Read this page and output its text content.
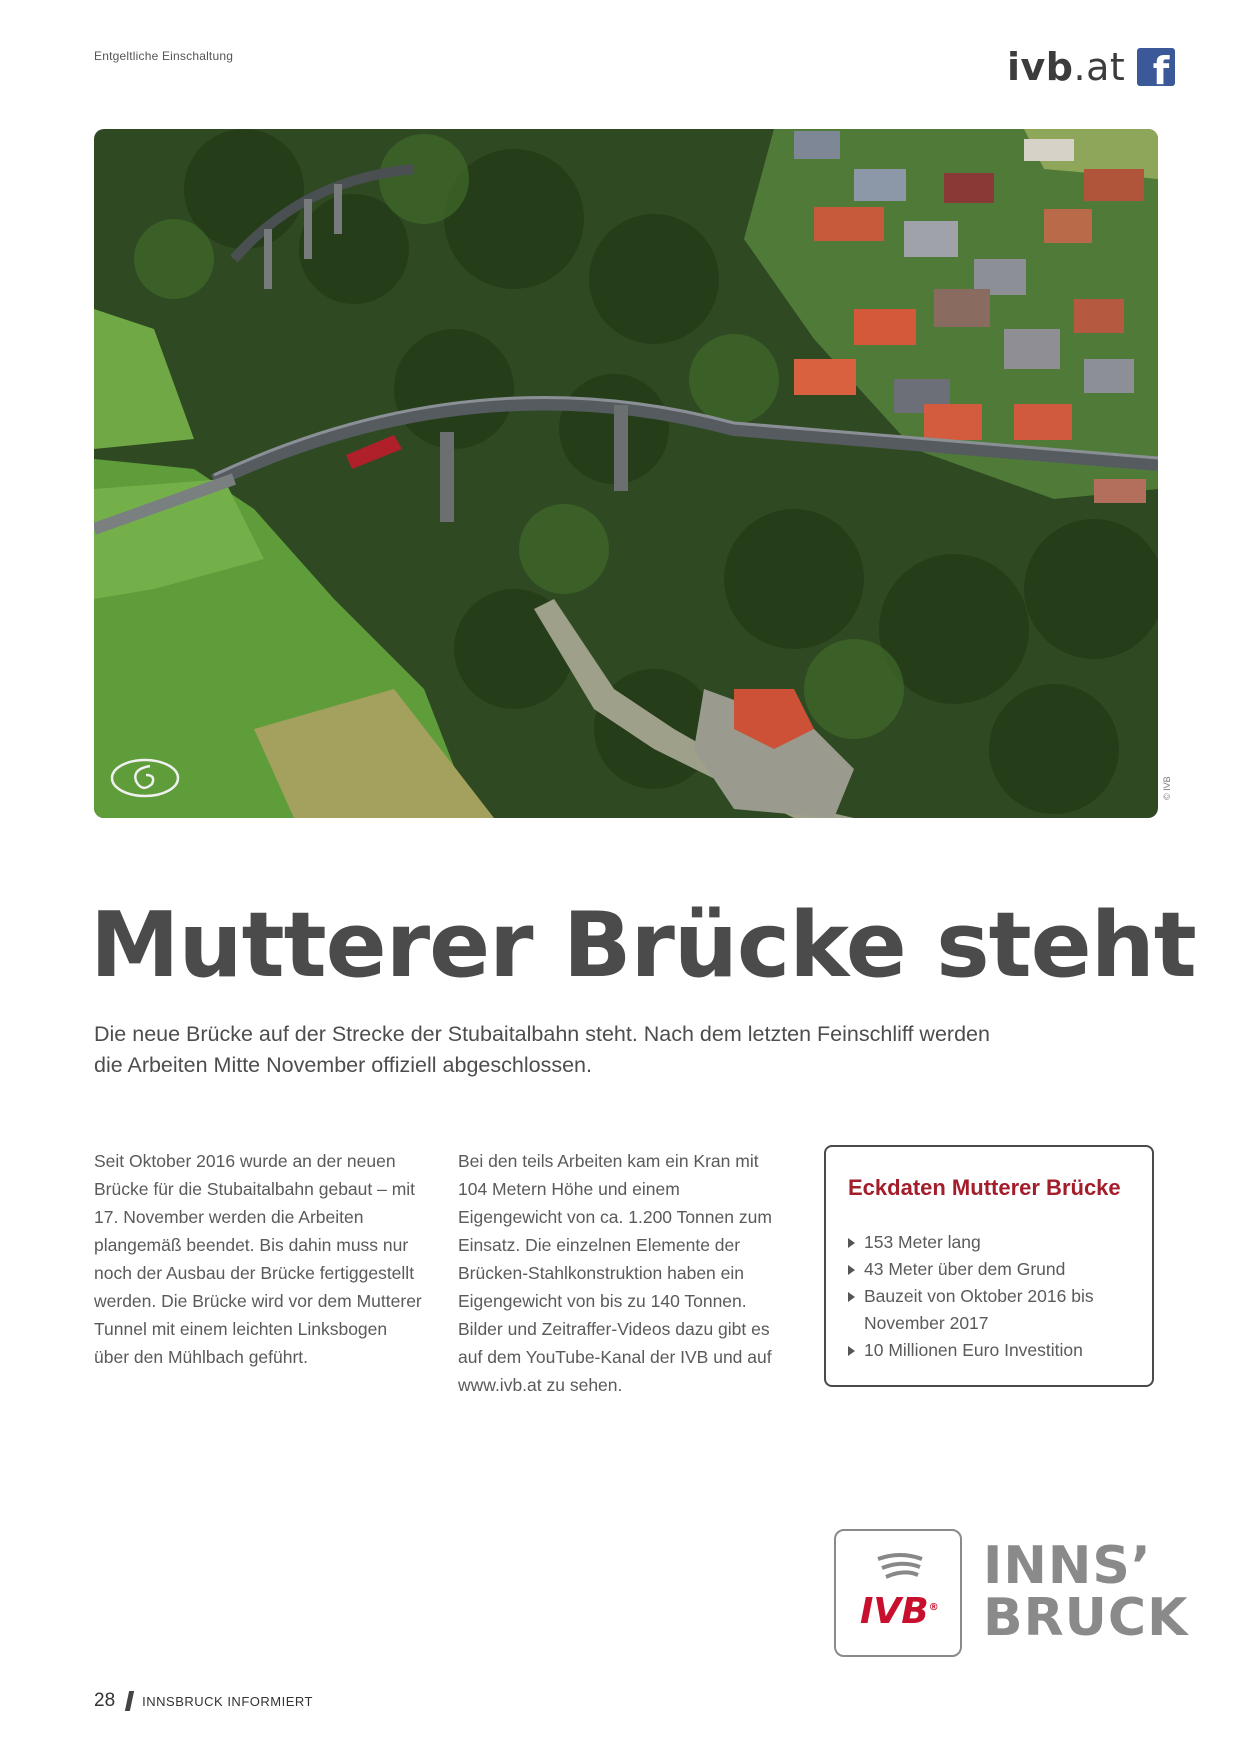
Entgeltliche Einschaltung	ivb.at f
© IVB
Mutterer Brücke steht
Die neue Brücke auf der Strecke der Stubaitalbahn steht. Nach dem letzten Feinschliff werden die Arbeiten Mitte November offiziell abgeschlossen.
Seit Oktober 2016 wurde an der neuen Brücke für die Stubaitalbahn gebaut – mit 17. November werden die Arbeiten plangemäß beendet. Bis dahin muss nur noch der Ausbau der Brücke fertiggestellt werden. Die Brücke wird vor dem Mutterer Tunnel mit einem leichten Linksbogen über den Mühlbach geführt.
Bei den teils Arbeiten kam ein Kran mit 104 Metern Höhe und einem Eigengewicht von ca. 1.200 Tonnen zum Einsatz. Die einzelnen Elemente der Brücken-Stahlkonstruktion haben ein Eigengewicht von bis zu 140 Tonnen. Bilder und Zeitraffer-Videos dazu gibt es auf dem YouTube-Kanal der IVB und auf www.ivb.at zu sehen.
Eckdaten Mutterer Brücke
153 Meter lang
43 Meter über dem Grund
Bauzeit von Oktober 2016 bis November 2017
10 Millionen Euro Investition
IVB®
INNS’
BRUCK
28 INNSBRUCK INFORMIERT
